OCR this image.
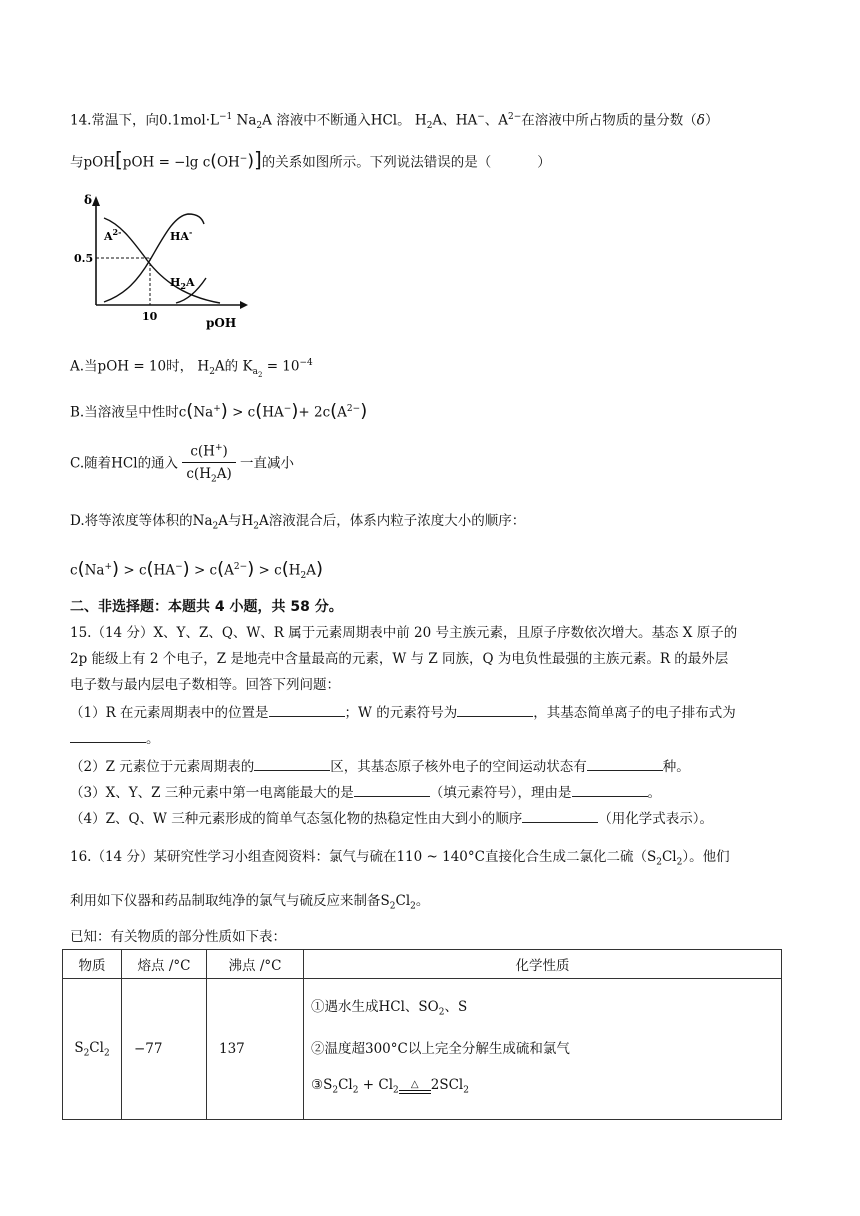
14.常温下，向$0.1mol\cdot L^{-1}$ $Na_2A$ 溶液中不断通入HCl。 $H_2A$、HA−、$A^{2-}$在溶液中所占物质的量分数（δ）
与pOH[pOH = −lg c(OH−)]的关系如图所示。下列说法错误的是（	）
δ
0.5
10	pOH
$A^{2-}$	HA-
$H_2A$
A.当pOH = 10时， $H_2A$的 $K_{a_2} = 10^{-4}$
B.当溶液呈中性时$c(Na^+) > c(HA^-)+ 2c(A^{2-})$
C.随着HCl的通入 $\frac{c(H^+)}{c(H_2A)}$ 一直减小
D.将等浓度等体积的$Na_2A$与$H_2A$溶液混合后，体系内粒子浓度大小的顺序：
$c(Na^+) > c(HA^-) > c(A^{2-}) > c(H_2A)$
二、非选择题：本题共 4 小题，共 58 分。
15.（14 分）X、Y、Z、Q、W、R 属于元素周期表中前 20 号主族元素，且原子序数依次增大。基态 X 原子的
2p 能级上有 2 个电子，Z 是地壳中含量最高的元素，W 与 Z 同族，Q 为电负性最强的主族元素。R 的最外层
电子数与最内层电子数相等。回答下列问题：
（1）R 在元素周期表中的位置是	；W 的元素符号为	，其基态简单离子的电子排布式为
。
（2）Z 元素位于元素周期表的	区，其基态原子核外电子的空间运动状态有	种。
（3）X、Y、Z 三种元素中第一电离能最大的是	（填元素符号），理由是	。
（4）Z、Q、W 三种元素形成的简单气态氢化物的热稳定性由大到小的顺序	（用化学式表示）。
16.（14 分）某研究性学习小组查阅资料：氯气与硫在110 ~ 140°C直接化合生成二氯化二硫$(S_2Cl_2)$。他们
利用如下仪器和药品制取纯净的氯气与硫反应来制备$S_2Cl_2$。
已知：有关物质的部分性质如下表：
物质	熔点 /°C	沸点 /°C	化学性质
$S_2Cl_2$	−77	137	①遇水生成HCl、$SO_2$、S
②温度超300°C以上完全分解生成硫和氯气
$③S_2Cl_2 + Cl_2$
△ 2SCl$_2$
